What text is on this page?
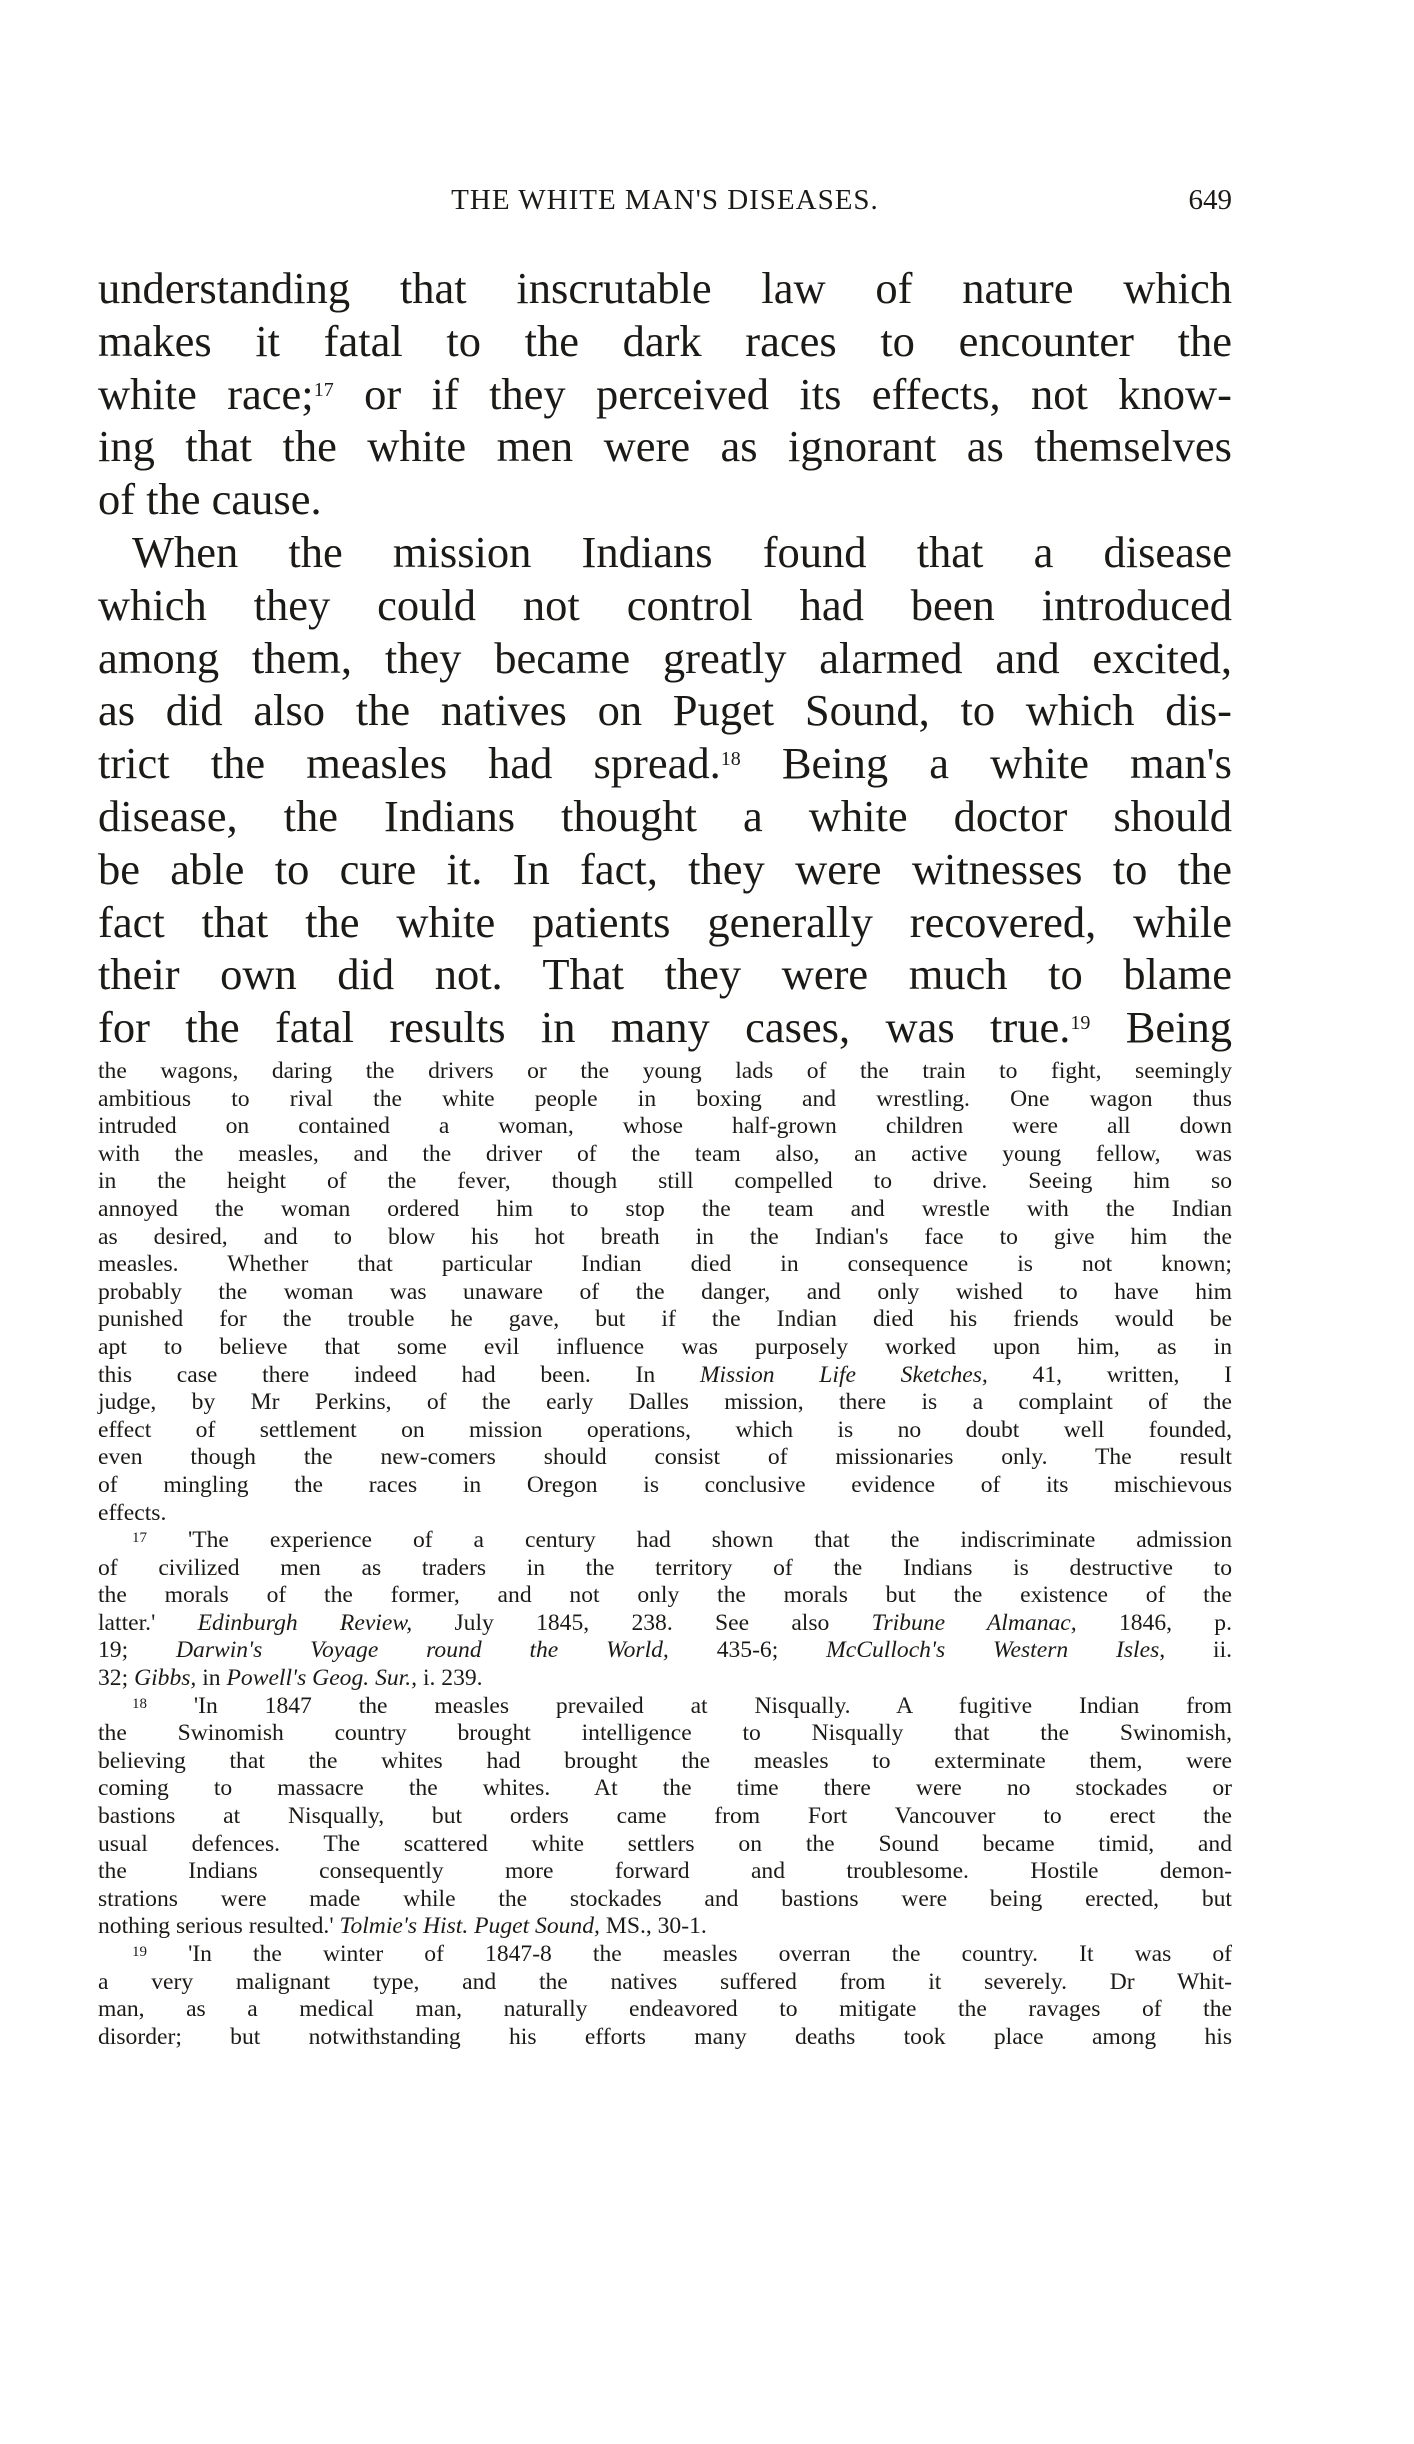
THE WHITE MAN'S DISEASES.	649

understanding that inscrutable law of nature which
makes it fatal to the dark races to encounter the
white race;$^{17}$ or if they perceived its effects, not know-
ing that the white men were as ignorant as themselves
of the cause.

When the mission Indians found that a disease
which they could not control had been introduced
among them, they became greatly alarmed and excited,
as did also the natives on Puget Sound, to which dis-
trict the measles had spread.$^{18}$ Being a white man's
disease, the Indians thought a white doctor should
be able to cure it. In fact, they were witnesses to the
fact that the white patients generally recovered, while
their own did not. That they were much to blame
for the fatal results in many cases, was true.$^{19}$ Being

the wagons, daring the drivers or the young lads of the train to fight, seemingly
ambitious to rival the white people in boxing and wrestling. One wagon thus
intruded on contained a woman, whose half-grown children were all down
with the measles, and the driver of the team also, an active young fellow, was
in the height of the fever, though still compelled to drive. Seeing him so
annoyed the woman ordered him to stop the team and wrestle with the Indian
as desired, and to blow his hot breath in the Indian's face to give him the
measles. Whether that particular Indian died in consequence is not known;
probably the woman was unaware of the danger, and only wished to have him
punished for the trouble he gave, but if the Indian died his friends would be
apt to believe that some evil influence was purposely worked upon him, as in
this case there indeed had been. In Mission Life Sketches, 41, written, I
judge, by Mr Perkins, of the early Dalles mission, there is a complaint of the
effect of settlement on mission operations, which is no doubt well founded,
even though the new-comers should consist of missionaries only. The result
of mingling the races in Oregon is conclusive evidence of its mischievous
effects.
$^{17}$ 'The experience of a century had shown that the indiscriminate admission
of civilized men as traders in the territory of the Indians is destructive to
the morals of the former, and not only the morals but the existence of the
latter.' Edinburgh Review, July 1845, 238. See also Tribune Almanac, 1846, p.
19; Darwin's Voyage round the World, 435-6; McCulloch's Western Isles, ii.
32; Gibbs, in Powell's Geog. Sur., i. 239.
$^{18}$ 'In 1847 the measles prevailed at Nisqually. A fugitive Indian from
the Swinomish country brought intelligence to Nisqually that the Swinomish,
believing that the whites had brought the measles to exterminate them, were
coming to massacre the whites. At the time there were no stockades or
bastions at Nisqually, but orders came from Fort Vancouver to erect the
usual defences. The scattered white settlers on the Sound became timid, and
the Indians consequently more forward and troublesome. Hostile demon-
strations were made while the stockades and bastions were being erected, but
nothing serious resulted.' Tolmie's Hist. Puget Sound, MS., 30-1.
$^{19}$ 'In the winter of 1847-8 the measles overran the country. It was of
a very malignant type, and the natives suffered from it severely. Dr Whit-
man, as a medical man, naturally endeavored to mitigate the ravages of the
disorder; but notwithstanding his efforts many deaths took place among his
